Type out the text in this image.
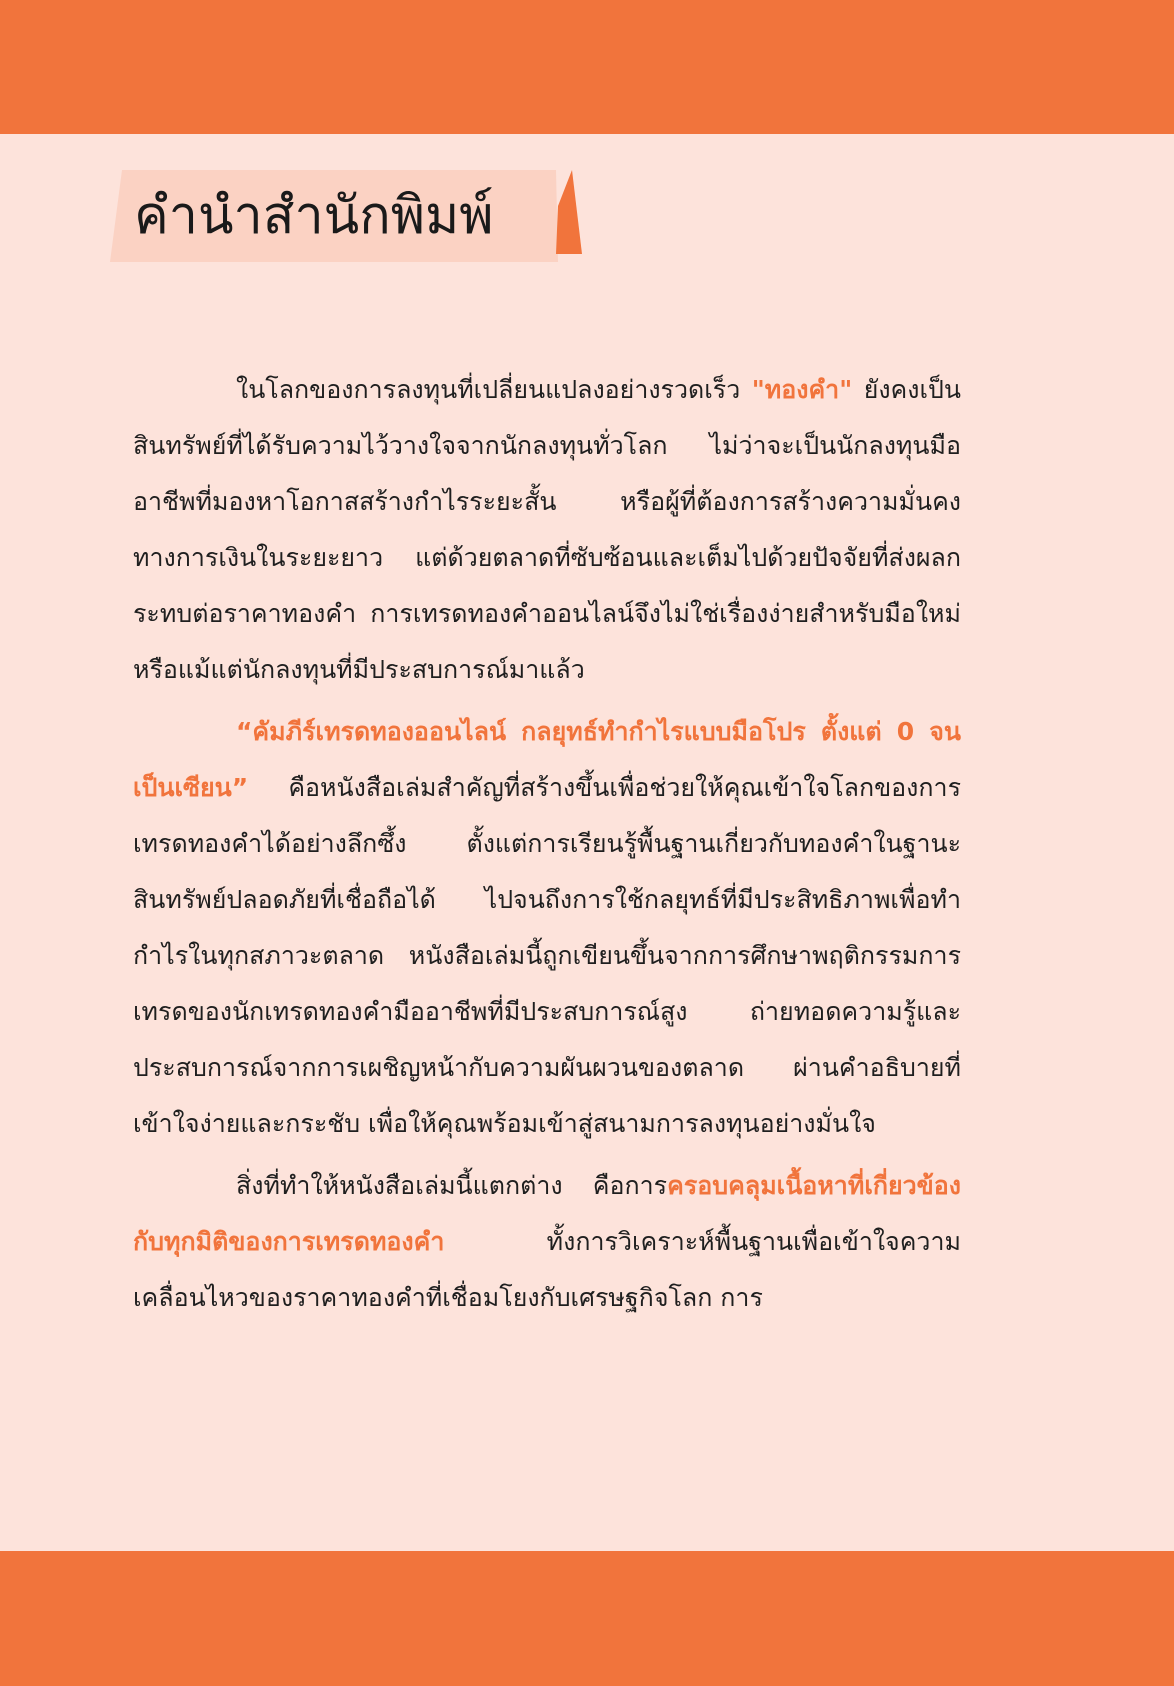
คำนำสำนักพิมพ์

ในโลกของการลงทุนที่เปลี่ยนแปลงอย่างรวดเร็ว "ทองคำ" ยังคงเป็นสินทรัพย์ที่ได้รับความไว้วางใจจากนักลงทุนทั่วโลก ไม่ว่าจะเป็นนักลงทุนมืออาชีพที่มองหาโอกาสสร้างกำไรระยะสั้น หรือผู้ที่ต้องการสร้างความมั่นคงทางการเงินในระยะยาว แต่ด้วยตลาดที่ซับซ้อนและเต็มไปด้วยปัจจัยที่ส่งผลกระทบต่อราคาทองคำ การเทรดทองคำออนไลน์จึงไม่ใช่เรื่องง่ายสำหรับมือใหม่ หรือแม้แต่นักลงทุนที่มีประสบการณ์มาแล้ว

“คัมภีร์เทรดทองออนไลน์ กลยุทธ์ทำกำไรแบบมือโปร ตั้งแต่ 0 จนเป็นเซียน” คือหนังสือเล่มสำคัญที่สร้างขึ้นเพื่อช่วยให้คุณเข้าใจโลกของการเทรดทองคำได้อย่างลึกซึ้ง ตั้งแต่การเรียนรู้พื้นฐานเกี่ยวกับทองคำในฐานะสินทรัพย์ปลอดภัยที่เชื่อถือได้ ไปจนถึงการใช้กลยุทธ์ที่มีประสิทธิภาพเพื่อทำกำไรในทุกสภาวะตลาด หนังสือเล่มนี้ถูกเขียนขึ้นจากการศึกษาพฤติกรรมการเทรดของนักเทรดทองคำมืออาชีพที่มีประสบการณ์สูง ถ่ายทอดความรู้และประสบการณ์จากการเผชิญหน้ากับความผันผวนของตลาด ผ่านคำอธิบายที่เข้าใจง่ายและกระชับ เพื่อให้คุณพร้อมเข้าสู่สนามการลงทุนอย่างมั่นใจ

สิ่งที่ทำให้หนังสือเล่มนี้แตกต่าง คือการครอบคลุมเนื้อหาที่เกี่ยวข้องกับทุกมิติของการเทรดทองคำ ทั้งการวิเคราะห์พื้นฐานเพื่อเข้าใจความเคลื่อนไหวของราคาทองคำที่เชื่อมโยงกับเศรษฐกิจโลก การ
